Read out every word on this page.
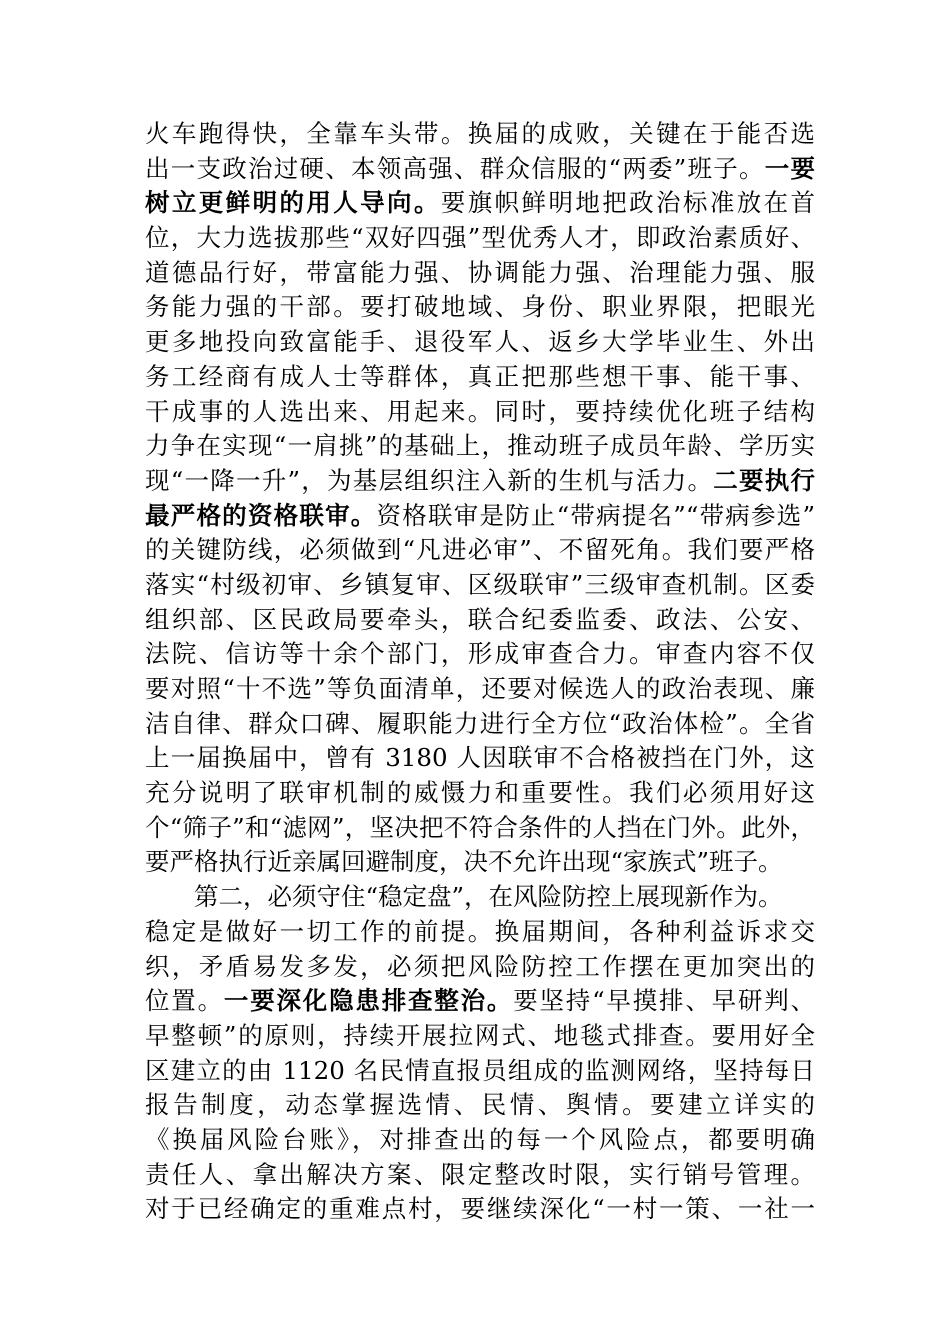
火车跑得快，全靠车头带。换届的成败，关键在于能否选
出一支政治过硬、本领高强、群众信服的“两委”班子。一要
树立更鲜明的用人导向。要旗帜鲜明地把政治标准放在首
位，大力选拔那些“双好四强”型优秀人才，即政治素质好、
道德品行好，带富能力强、协调能力强、治理能力强、服
务能力强的干部。要打破地域、身份、职业界限，把眼光
更多地投向致富能手、退役军人、返乡大学毕业生、外出
务工经商有成人士等群体，真正把那些想干事、能干事、
干成事的人选出来、用起来。同时，要持续优化班子结构
力争在实现“一肩挑”的基础上，推动班子成员年龄、学历实
现“一降一升”，为基层组织注入新的生机与活力。二要执行
最严格的资格联审。资格联审是防止“带病提名”“带病参选”
的关键防线，必须做到“凡进必审”、不留死角。我们要严格
落实“村级初审、乡镇复审、区级联审”三级审查机制。区委
组织部、区民政局要牵头，联合纪委监委、政法、公安、
法院、信访等十余个部门，形成审查合力。审查内容不仅
要对照“十不选”等负面清单，还要对候选人的政治表现、廉
洁自律、群众口碑、履职能力进行全方位“政治体检”。全省
上一届换届中，曾有 3180 人因联审不合格被挡在门外，这
充分说明了联审机制的威慑力和重要性。我们必须用好这
个“筛子”和“滤网”，坚决把不符合条件的人挡在门外。此外，
要严格执行近亲属回避制度，决不允许出现“家族式”班子。
第二，必须守住“稳定盘”，在风险防控上展现新作为。
稳定是做好一切工作的前提。换届期间，各种利益诉求交
织，矛盾易发多发，必须把风险防控工作摆在更加突出的
位置。一要深化隐患排查整治。要坚持“早摸排、早研判、
早整顿”的原则，持续开展拉网式、地毯式排查。要用好全
区建立的由 1120 名民情直报员组成的监测网络，坚持每日
报告制度，动态掌握选情、民情、舆情。要建立详实的
《换届风险台账》，对排查出的每一个风险点，都要明确
责任人、拿出解决方案、限定整改时限，实行销号管理。
对于已经确定的重难点村，要继续深化“一村一策、一社一
